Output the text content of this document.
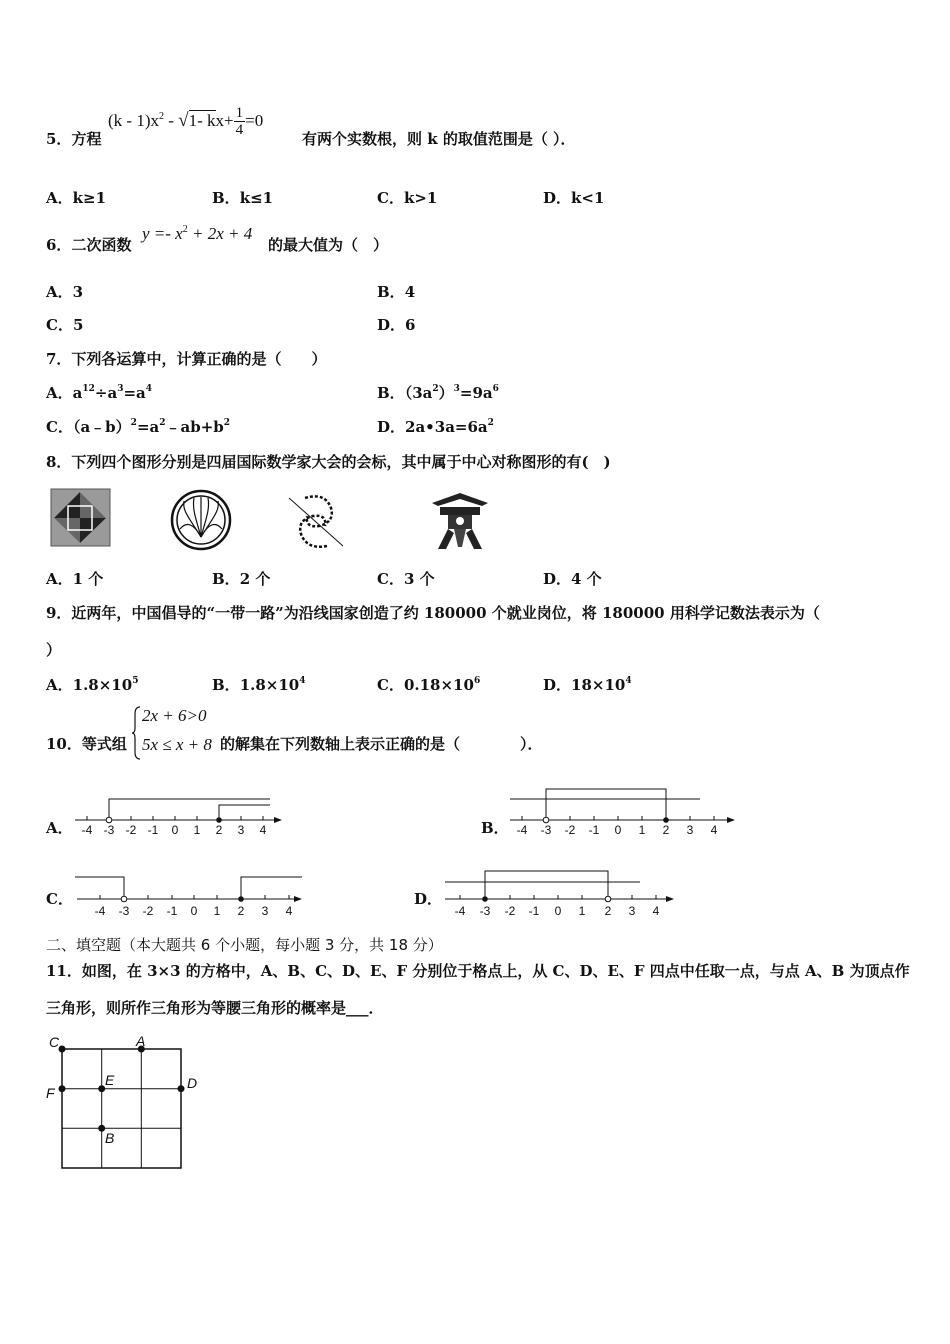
5．方程
$(k - 1)x^2 - √1-$ $kx+ \frac{1}{4} =0$
有两个实数根，则 k 的取值范围是（ ）．
A．k≥1	B．k≤1	C．k>1	D．k<1
6．二次函数
$y =- x^2 + 2x + 4$
的最大值为（　）
A．3	B．4
C．5	D．6
7．下列各运算中，计算正确的是（　　）
A．$a^{12}\div a^3=a^4$	B．$(3a^2)^3=9a^6$
C．$(a﹣b)^2=a^2﹣ab+b^2$	D．$2a•3a=6a^2$
8．下列四个图形分别是四届国际数学家大会的会标，其中属于中心对称图形的有(　)
A．1 个	B．2 个	C．3 个	D．4 个
9．近两年，中国倡导的“一带一路”为沿线国家创造了约 180000 个就业岗位，将 180000 用科学记数法表示为（
）
A．$1.8\times 10^5$	B．$1.8\times 10^4$	C．$0.18\times 10^6$	D．$18\times 10^4$
10．等式组
2x + 6>0
5x ≤ x + 8 的解集在下列数轴上表示正确的是（　　　　）．
A．	B．
C．	D．
-4 -3 -2 -1 0 1 2 3 4	-4 -3 -2 -1 0 1 2 3 4
-4 -3 -2 -1 0 1 2 3 4	-4 -3 -2 -1 0 1 2 3 4
二、填空题（本大题共 6 个小题，每小题 3 分，共 18 分）
11．如图，在 3×3 的方格中，A、B、C、D、E、F 分别位于格点上，从 C、D、E、F 四点中任取一点，与点 A、B 为顶点作
三角形，则所作三角形为等腰三角形的概率是___．
C	A
D
E
F
B
